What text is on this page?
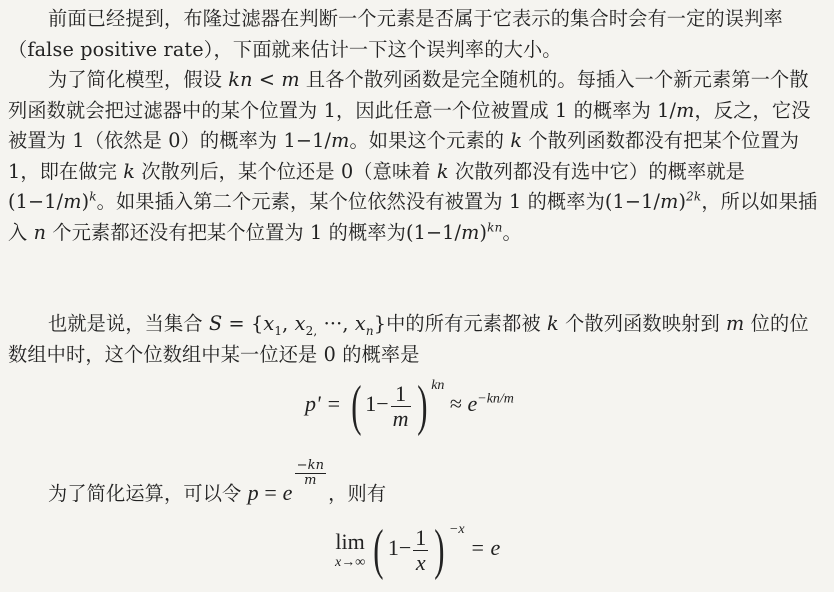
前面已经提到，布隆过滤器在判断一个元素是否属于它表示的集合时会有一定的误判率（false positive rate），下面就来估计一下这个误判率的大小。
为了简化模型，假设 kn < m 且各个散列函数是完全随机的。每插入一个新元素第一个散列函数就会把过滤器中的某个位置为 1，因此任意一个位被置成 1 的概率为 1/m，反之，它没被置为 1（依然是 0）的概率为 1−1/m。如果这个元素的 k 个散列函数都没有把某个位置为 1，即在做完 k 次散列后，某个位还是 0（意味着 k 次散列都没有选中它）的概率就是$(1-1/m)^k$。如果插入第二个元素，某个位依然没有被置为 1 的概率为$(1-1/m)^{2k}$，所以如果插入 n 个元素都还没有把某个位置为 1 的概率为$(1-1/m)^{kn}$。
也就是说，当集合 $S = \{x_1$, $x_{2,}$ ···, $x_n$}中的所有元素都被 k 个散列函数映射到 m 位的位数组中时，这个位数组中某一位还是 0 的概率是
p' = ( $1- \frac{1}{m}$ ) $^{kn} \approx e^{-kn/m}$
为了简化运算，可以令 p = e
$\frac{-kn}{m}$
，则有
lim
x→∞ ( $1- \frac{1}{x}$ ) $^{-x}$ = e
